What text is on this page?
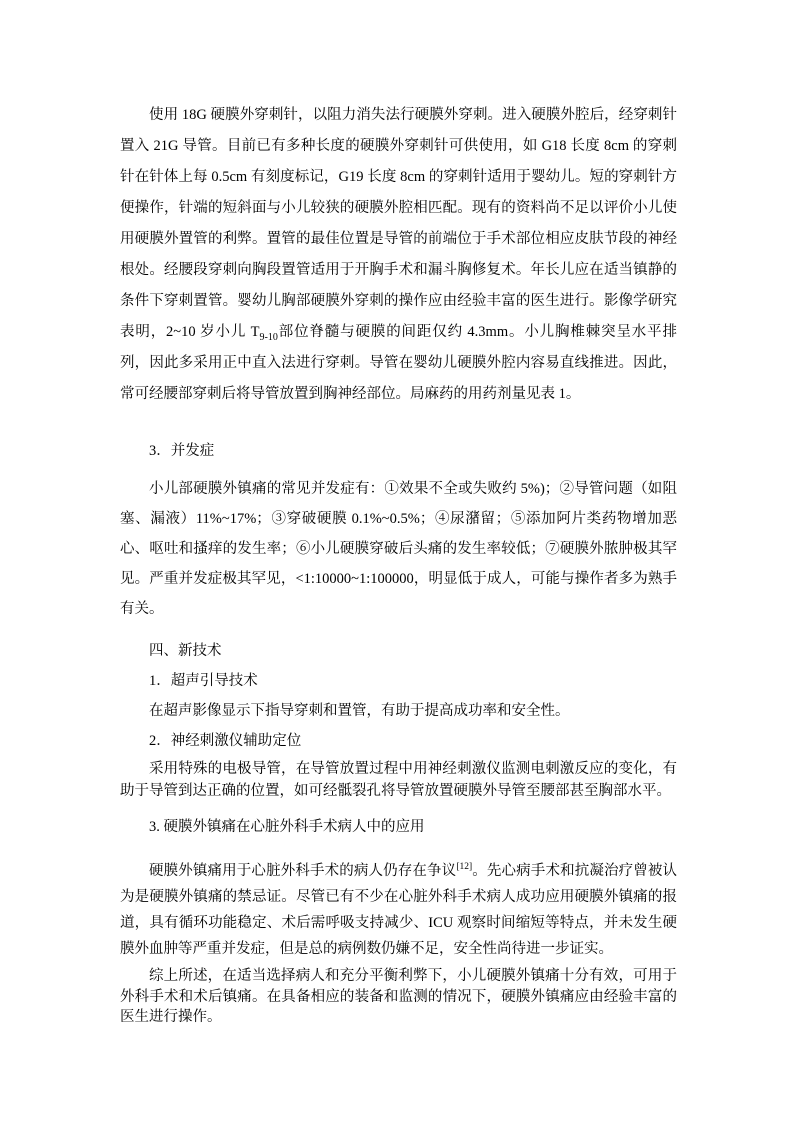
使用 18G 硬膜外穿刺针，以阻力消失法行硬膜外穿刺。进入硬膜外腔后，经穿刺针置入 21G 导管。目前已有多种长度的硬膜外穿刺针可供使用，如 G18 长度 8cm 的穿刺针在针体上每 0.5cm 有刻度标记，G19 长度 8cm 的穿刺针适用于婴幼儿。短的穿刺针方便操作，针端的短斜面与小儿较狭的硬膜外腔相匹配。现有的资料尚不足以评价小儿使用硬膜外置管的利弊。置管的最佳位置是导管的前端位于手术部位相应皮肤节段的神经根处。经腰段穿刺向胸段置管适用于开胸手术和漏斗胸修复术。年长儿应在适当镇静的条件下穿刺置管。婴幼儿胸部硬膜外穿刺的操作应由经验丰富的医生进行。影像学研究表明，2~10 岁小儿 $T_{9-10}$部位脊髓与硬膜的间距仅约 4.3mm。小儿胸椎棘突呈水平排列，因此多采用正中直入法进行穿刺。导管在婴幼儿硬膜外腔内容易直线推进。因此，常可经腰部穿刺后将导管放置到胸神经部位。局麻药的用药剂量见表 1。

3．并发症

小儿部硬膜外镇痛的常见并发症有：①效果不全或失败约 5%)；②导管问题（如阻塞、漏液）11%~17%；③穿破硬膜 0.1%~0.5%；④尿潴留；⑤添加阿片类药物增加恶心、呕吐和搔痒的发生率；⑥小儿硬膜穿破后头痛的发生率较低；⑦硬膜外脓肿极其罕见。严重并发症极其罕见，<1:10000~1:100000，明显低于成人，可能与操作者多为熟手有关。

四、新技术

1．超声引导技术

在超声影像显示下指导穿刺和置管，有助于提高成功率和安全性。

2．神经刺激仪辅助定位

采用特殊的电极导管，在导管放置过程中用神经刺激仪监测电刺激反应的变化，有助于导管到达正确的位置，如可经骶裂孔将导管放置硬膜外导管至腰部甚至胸部水平。

3. 硬膜外镇痛在心脏外科手术病人中的应用

硬膜外镇痛用于心脏外科手术的病人仍存在争议[12]。先心病手术和抗凝治疗曾被认为是硬膜外镇痛的禁忌证。尽管已有不少在心脏外科手术病人成功应用硬膜外镇痛的报道，具有循环功能稳定、术后需呼吸支持减少、ICU 观察时间缩短等特点，并未发生硬膜外血肿等严重并发症，但是总的病例数仍嫌不足，安全性尚待进一步证实。

综上所述，在适当选择病人和充分平衡利弊下，小儿硬膜外镇痛十分有效，可用于外科手术和术后镇痛。在具备相应的装备和监测的情况下，硬膜外镇痛应由经验丰富的医生进行操作。
